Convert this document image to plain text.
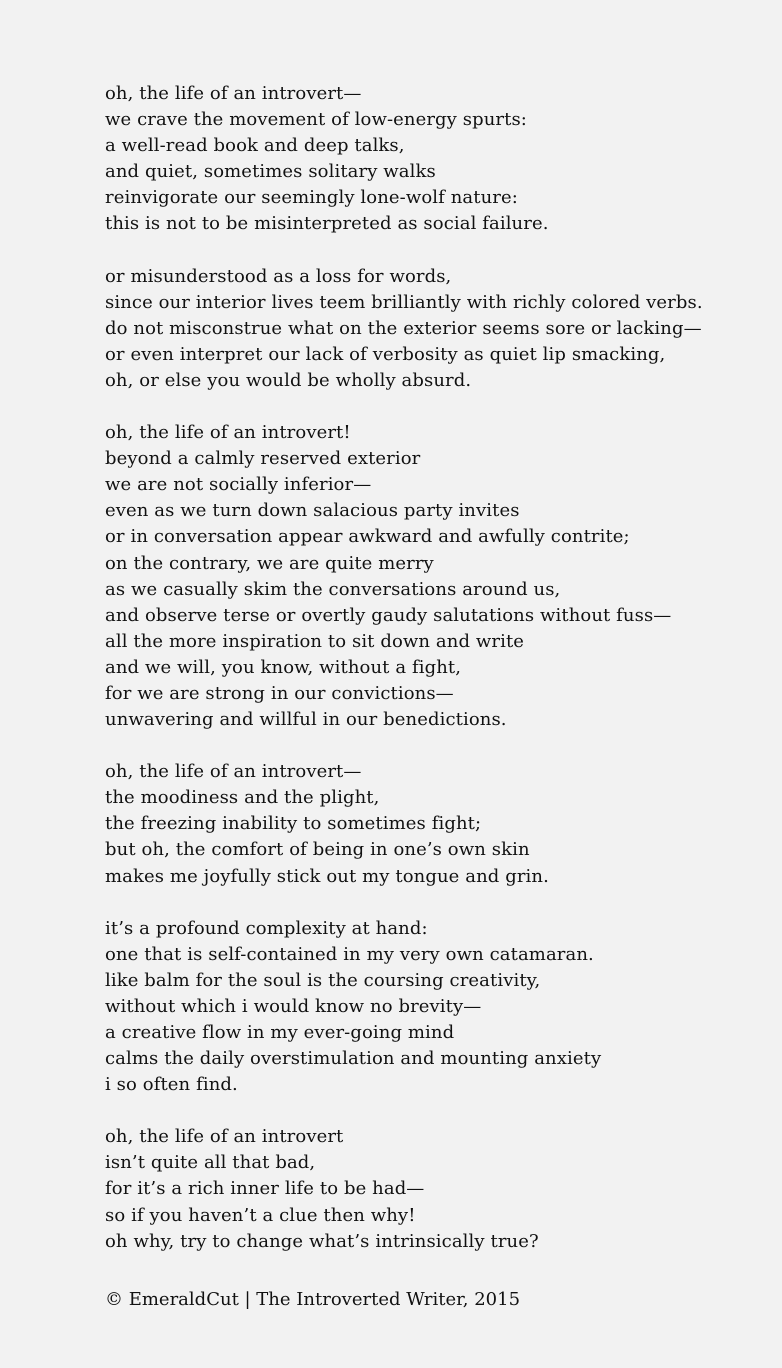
oh, the life of an introvert—
we crave the movement of low-energy spurts:
a well-read book and deep talks,
and quiet, sometimes solitary walks
reinvigorate our seemingly lone-wolf nature:
this is not to be misinterpreted as social failure.
or misunderstood as a loss for words,
since our interior lives teem brilliantly with richly colored verbs.
do not misconstrue what on the exterior seems sore or lacking—
or even interpret our lack of verbosity as quiet lip smacking,
oh, or else you would be wholly absurd.
oh, the life of an introvert!
beyond a calmly reserved exterior
we are not socially inferior—
even as we turn down salacious party invites
or in conversation appear awkward and awfully contrite;
on the contrary, we are quite merry
as we casually skim the conversations around us,
and observe terse or overtly gaudy salutations without fuss—
all the more inspiration to sit down and write
and we will, you know, without a fight,
for we are strong in our convictions—
unwavering and willful in our benedictions.
oh, the life of an introvert—
the moodiness and the plight,
the freezing inability to sometimes fight;
but oh, the comfort of being in one’s own skin
makes me joyfully stick out my tongue and grin.
it’s a profound complexity at hand:
one that is self-contained in my very own catamaran.
like balm for the soul is the coursing creativity,
without which i would know no brevity—
a creative flow in my ever-going mind
calms the daily overstimulation and mounting anxiety
i so often find.
oh, the life of an introvert
isn’t quite all that bad,
for it’s a rich inner life to be had—
so if you haven’t a clue then why!
oh why, try to change what’s intrinsically true?
© EmeraldCut | The Introverted Writer, 2015
